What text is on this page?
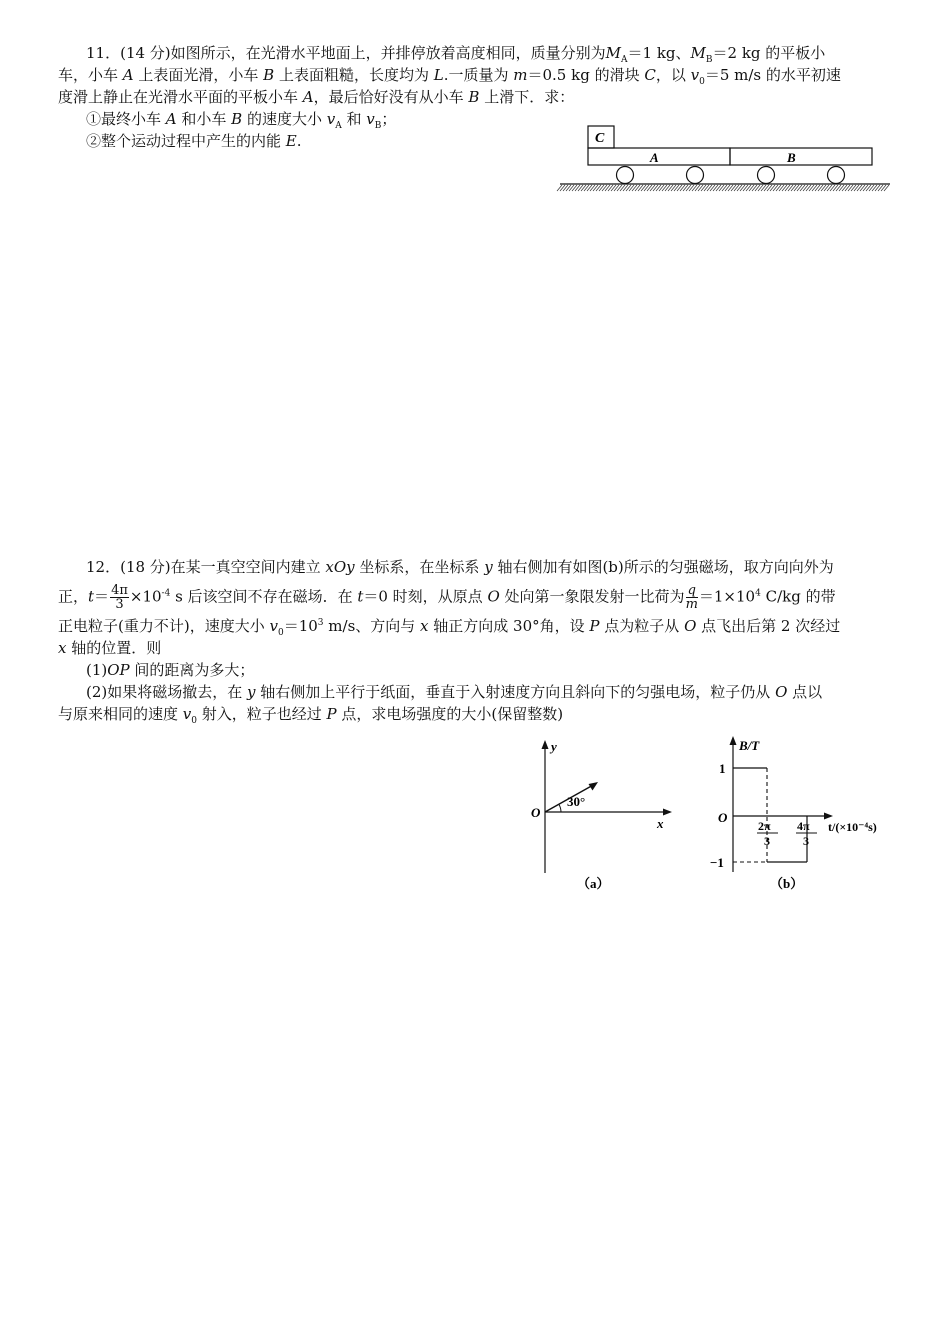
11．(14 分)如图所示，在光滑水平地面上，并排停放着高度相同，质量分别为$M_A=1$ kg、$M_B=2$ kg 的平板小
车，小车 A 上表面光滑，小车 B 上表面粗糙，长度均为 L.一质量为 m＝0.5 kg 的滑块 C，以 $v_0=5$ m/s 的水平初速
度滑上静止在光滑水平面的平板小车 A，最后恰好没有从小车 B 上滑下．求：
①最终小车 A 和小车 B 的速度大小 $v_A$ 和 $v_B$；
②整个运动过程中产生的内能 E.	C
A	B
12．(18 分)在某一真空空间内建立 xOy 坐标系，在坐标系 y 轴右侧加有如图(b)所示的匀强磁场，取方向向外为
正，$t= \frac{4\pi}{3} \times 10^{-4}$ s 后该空间不存在磁场．在 t＝0 时刻，从原点 O 处向第一象限发射一比荷为 $\frac{q}{m} =1\times 10^4$ C/kg 的带
正电粒子(重力不计)，速度大小 $v_0=10^3$ m/s、方向与 x 轴正方向成 30°角，设 P 点为粒子从 O 点飞出后第 2 次经过
x 轴的位置．则
(1)OP 间的距离为多大；
(2)如果将磁场撤去，在 y 轴右侧加上平行于纸面，垂直于入射速度方向且斜向下的匀强电场，粒子仍从 O 点以
与原来相同的速度 $v_0$ 射入，粒子也经过 P 点，求电场强度的大小(保留整数)
y
x
O
30°
（a）
B/T
1
O
−1
2π
3
4π
3
t/(×10⁻⁴s)
（b）
